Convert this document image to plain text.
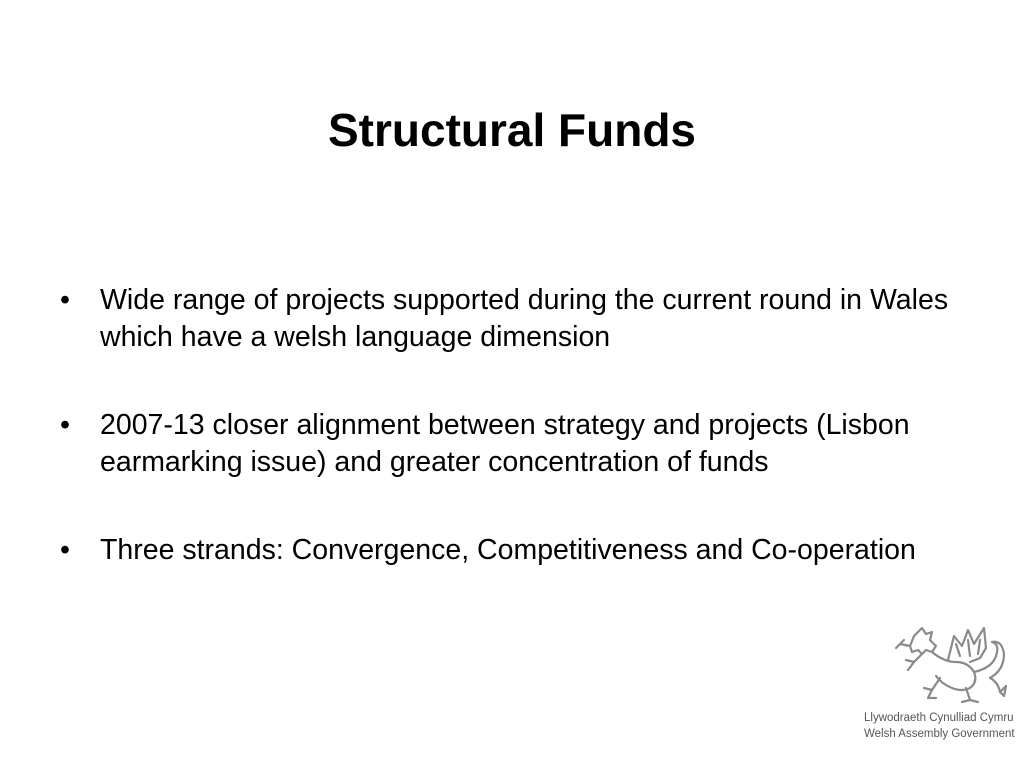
Structural Funds
•	Wide range of projects supported during the current round in Wales which have a welsh language dimension
•	2007-13 closer alignment between strategy and projects (Lisbon earmarking issue) and greater concentration of funds
•	Three strands: Convergence, Competitiveness and Co-operation
Llywodraeth Cynulliad Cymru
Welsh Assembly Government
